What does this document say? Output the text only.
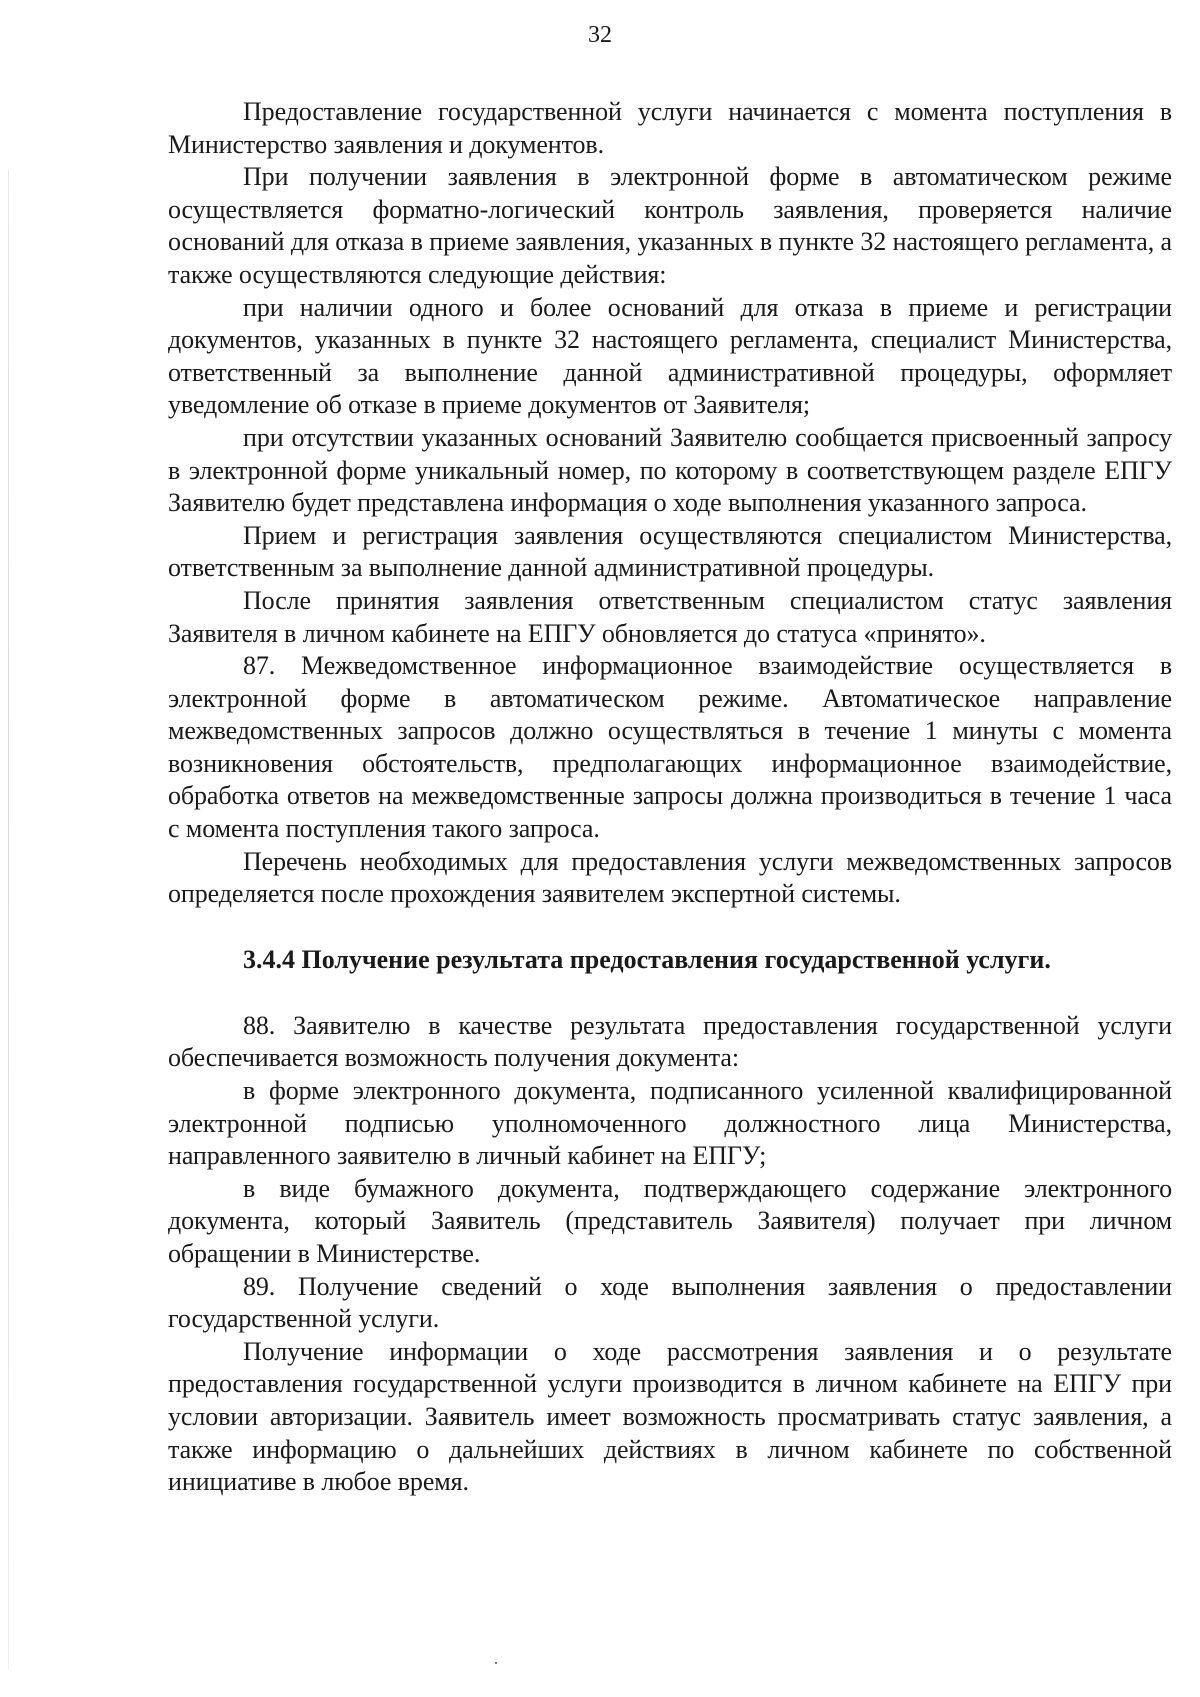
32

Предоставление государственной услуги начинается с момента поступления в Министерство заявления и документов.

При получении заявления в электронной форме в автоматическом режиме осуществляется форматно-логический контроль заявления, проверяется наличие оснований для отказа в приеме заявления, указанных в пункте 32 настоящего регламента, а также осуществляются следующие действия:

при наличии одного и более оснований для отказа в приеме и регистрации документов, указанных в пункте 32 настоящего регламента, специалист Министерства, ответственный за выполнение данной административной процедуры, оформляет уведомление об отказе в приеме документов от Заявителя;

при отсутствии указанных оснований Заявителю сообщается присвоенный запросу в электронной форме уникальный номер, по которому в соответствующем разделе ЕПГУ Заявителю будет представлена информация о ходе выполнения указанного запроса.

Прием и регистрация заявления осуществляются специалистом Министерства, ответственным за выполнение данной административной процедуры.

После принятия заявления ответственным специалистом статус заявления Заявителя в личном кабинете на ЕПГУ обновляется до статуса «принято».

87. Межведомственное информационное взаимодействие осуществляется в электронной форме в автоматическом режиме. Автоматическое направление межведомственных запросов должно осуществляться в течение 1 минуты с момента возникновения обстоятельств, предполагающих информационное взаимодействие, обработка ответов на межведомственные запросы должна производиться в течение 1 часа с момента поступления такого запроса.

Перечень необходимых для предоставления услуги межведомственных запросов определяется после прохождения заявителем экспертной системы.

3.4.4 Получение результата предоставления государственной услуги.

88. Заявителю в качестве результата предоставления государственной услуги обеспечивается возможность получения документа:

в форме электронного документа, подписанного усиленной квалифицированной электронной подписью уполномоченного должностного лица Министерства, направленного заявителю в личный кабинет на ЕПГУ;

в виде бумажного документа, подтверждающего содержание электронного документа, который Заявитель (представитель Заявителя) получает при личном обращении в Министерстве.

89. Получение сведений о ходе выполнения заявления о предоставлении государственной услуги.

Получение информации о ходе рассмотрения заявления и о результате предоставления государственной услуги производится в личном кабинете на ЕПГУ при условии авторизации. Заявитель имеет возможность просматривать статус заявления, а также информацию о дальнейших действиях в личном кабинете по собственной инициативе в любое время.
